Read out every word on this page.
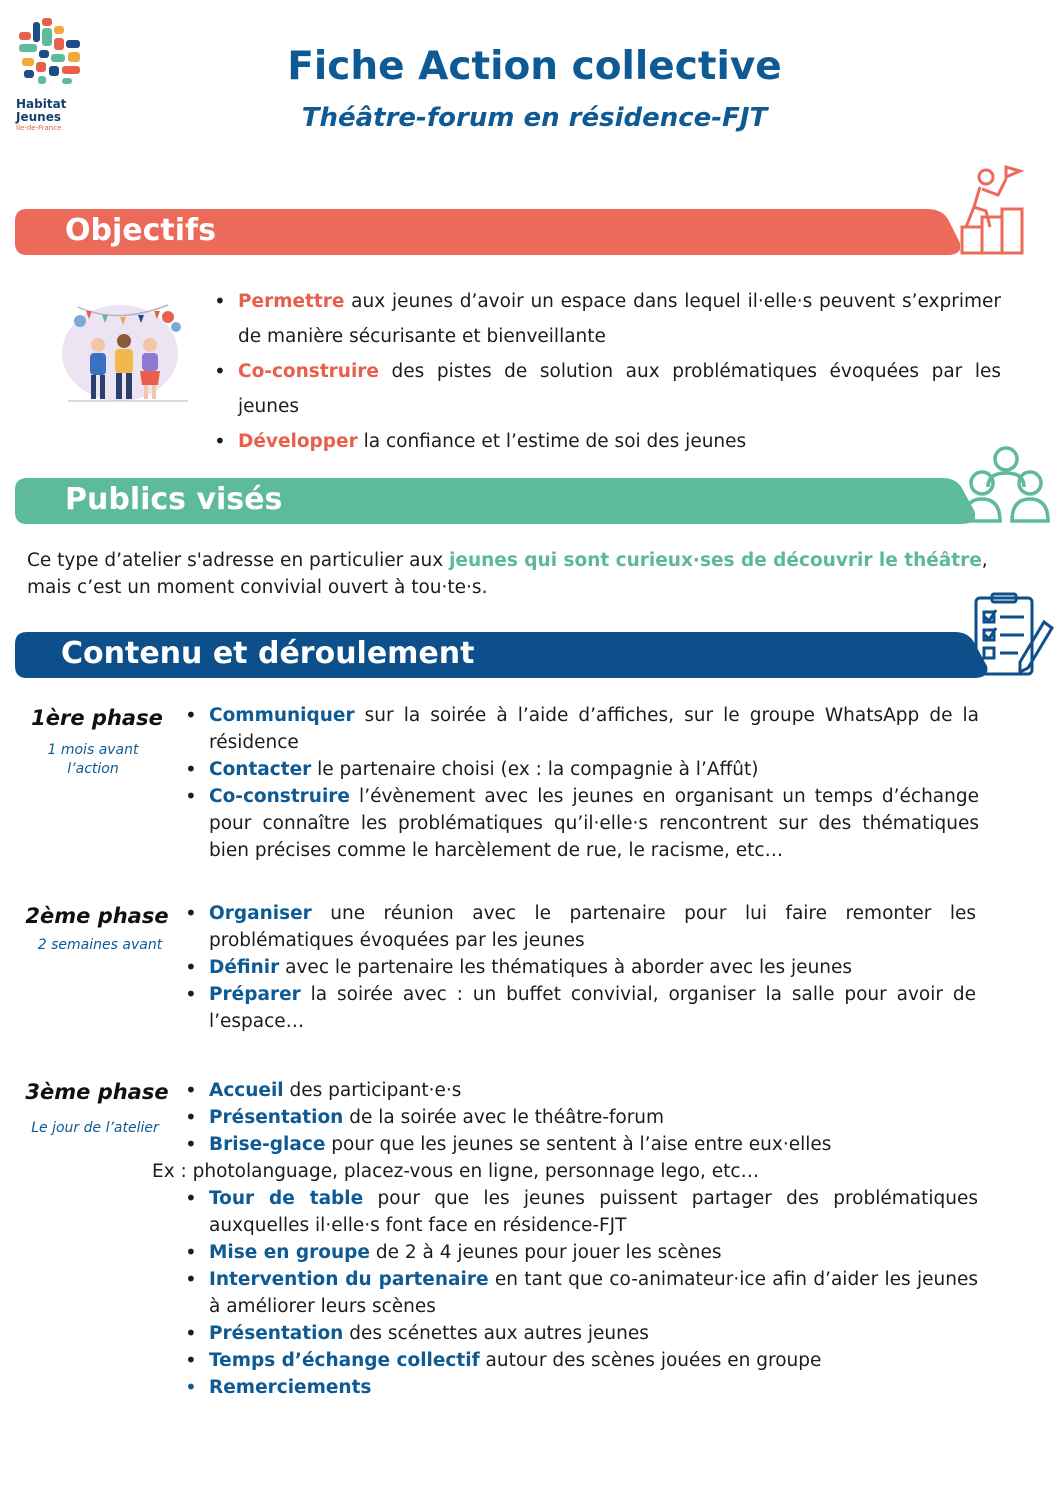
Habitat
Jeunes
Île-de-France
Fiche Action collective
Théâtre-forum en résidence-FJT
Objectifs
• Permettre aux jeunes d’avoir un espace dans lequel il·elle·s peuvent s’exprimer de manière sécurisante et bienveillante
• Co-construire des pistes de solution aux problématiques évoquées par les jeunes
• Développer la confiance et l’estime de soi des jeunes
Publics visés
Ce type d’atelier s'adresse en particulier aux jeunes qui sont curieux·ses de découvrir le théâtre, mais c’est un moment convivial ouvert à tou·te·s.
Contenu et déroulement
1ère phase
1 mois avant
l’action
• Communiquer sur la soirée à l’aide d’affiches, sur le groupe WhatsApp de la résidence
• Contacter le partenaire choisi (ex : la compagnie à l’Affût)
• Co-construire l’évènement avec les jeunes en organisant un temps d’échange pour connaître les problématiques qu’il·elle·s rencontrent sur des thématiques bien précises comme le harcèlement de rue, le racisme, etc…
2ème phase
2 semaines avant
• Organiser une réunion avec le partenaire pour lui faire remonter les problématiques évoquées par les jeunes
• Définir avec le partenaire les thématiques à aborder avec les jeunes
• Préparer la soirée avec : un buffet convivial, organiser la salle pour avoir de l’espace…
3ème phase
Le jour de l’atelier
• Accueil des participant·e·s
• Présentation de la soirée avec le théâtre-forum
• Brise-glace pour que les jeunes se sentent à l’aise entre eux·elles
Ex : photolanguage, placez-vous en ligne, personnage lego, etc…
• Tour de table pour que les jeunes puissent partager des problématiques auxquelles il·elle·s font face en résidence-FJT
• Mise en groupe de 2 à 4 jeunes pour jouer les scènes
• Intervention du partenaire en tant que co-animateur·ice afin d’aider les jeunes à améliorer leurs scènes
• Présentation des scénettes aux autres jeunes
• Temps d’échange collectif autour des scènes jouées en groupe
• Remerciements
